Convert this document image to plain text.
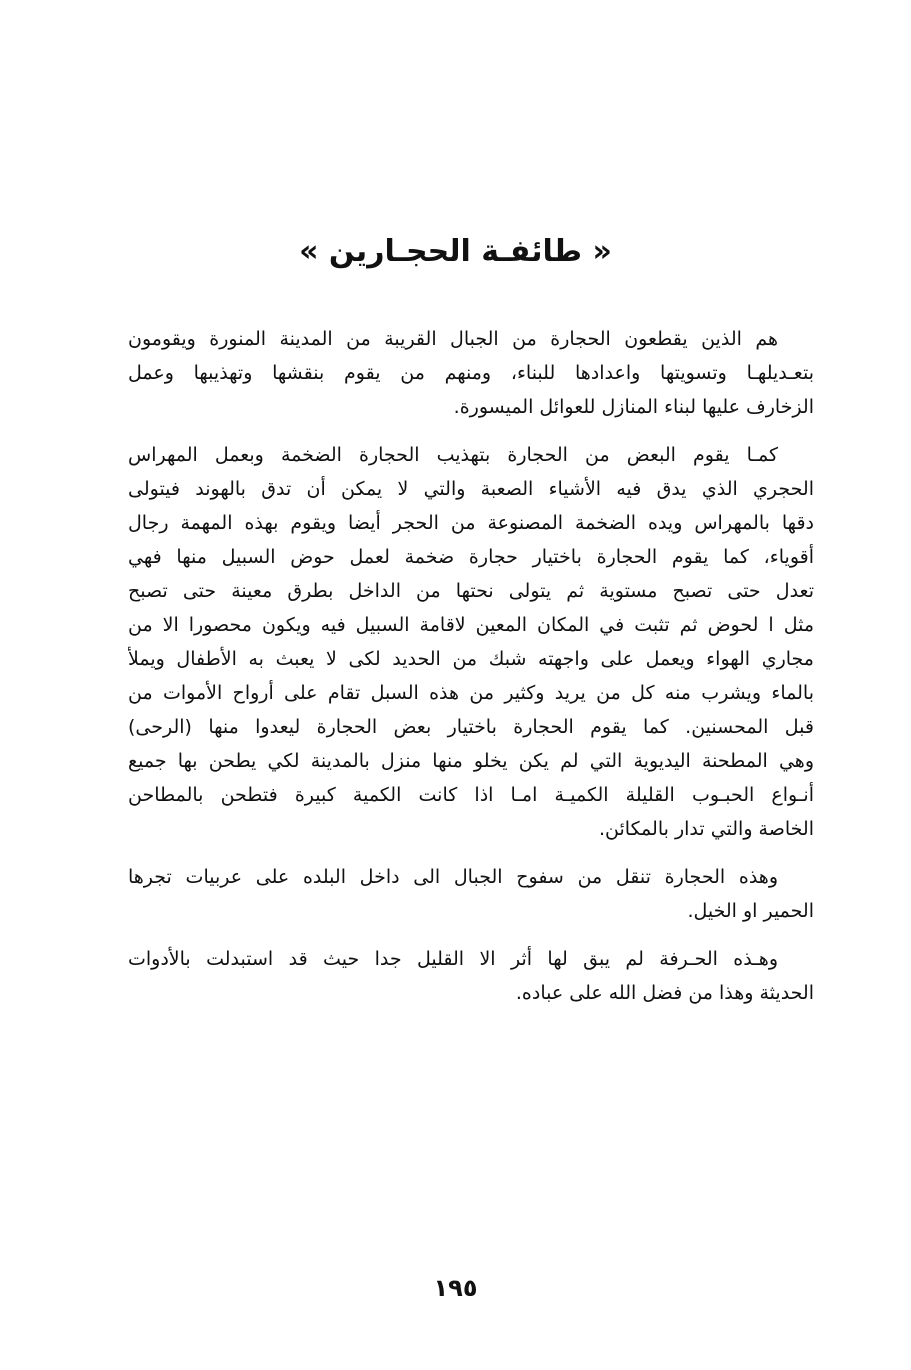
« طائفـة الحجـارين »
هم الذين يقطعون الحجارة من الجبال القريبة من المدينة المنورة ويقومون
بتعـديلهـا وتسويتها واعدادها للبناء، ومنهم من يقوم بنقشها وتهذيبها وعمل
الزخارف عليها لبناء المنازل للعوائل الميسورة.
كمـا يقوم البعض من الحجارة بتهذيب الحجارة الضخمة وبعمل المهراس
الحجري الذي يدق فيه الأشياء الصعبة والتي لا يمكن أن تدق بالهوند فيتولى
دقها بالمهراس ويده الضخمة المصنوعة من الحجر أيضا ويقوم بهذه المهمة رجال
أقوياء، كما يقوم الحجارة باختيار حجارة ضخمة لعمل حوض السبيل منها فهي
تعدل حتى تصبح مستوية ثم يتولى نحتها من الداخل بطرق معينة حتى تصبح
مثل ا لحوض ثم تثبت في المكان المعين لاقامة السبيل فيه ويكون محصورا الا من
مجاري الهواء ويعمل على واجهته شبك من الحديد لكى لا يعبث به الأطفال ويملأ
بالماء ويشرب منه كل من يريد وكثير من هذه السبل تقام على أرواح الأموات من
قبل المحسنين. كما يقوم الحجارة باختيار بعض الحجارة ليعدوا منها (الرحى)
وهي المطحنة اليديوية التي لم يكن يخلو منها منزل بالمدينة لكي يطحن بها جميع
أنـواع الحبـوب القليلة الكميـة امـا اذا كانت الكمية كبيرة فتطحن بالمطاحن
الخاصة والتي تدار بالمكائن.
وهذه الحجارة تنقل من سفوح الجبال الى داخل البلده على عربيات تجرها
الحمير او الخيل.
وهـذه الحـرفة لم يبق لها أثر الا القليل جدا حيث قد استبدلت بالأدوات
الحديثة وهذا من فضل الله على عباده.
١٩٥
